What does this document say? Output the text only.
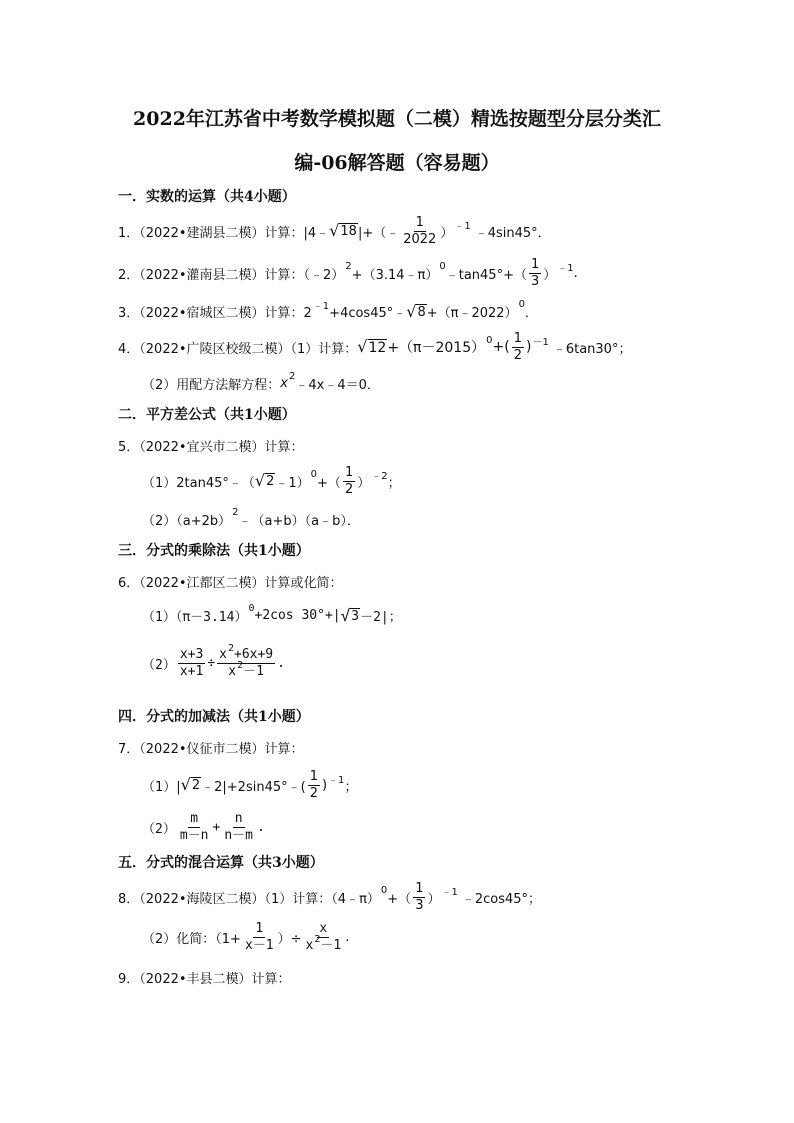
2022年江苏省中考数学模拟题（二模）精选按题型分层分类汇
编-06解答题（容易题）
一．实数的运算（共4小题）
1．（2022•建湖县二模）计算：|4﹣ √ 18 |+（﹣ $\frac{1}{2022}$ ） ﹣1 ﹣4sin45°．
2．（2022•灌南县二模）计算：（﹣2）
2
+（3.14﹣π）
0
﹣tan45°+（ $\frac{1}{3}$ ） ﹣1 .
3．（2022•宿城区二模）计算：2 ﹣1 +4cos45°﹣ √ 8 +（π﹣2022）
0
．
4．（2022•广陵区校级二模）（1）计算： √ 12 +（π－2015） 0 +( $\frac{1}{2}$ ) －1 ﹣6tan30°；
（2）用配方法解方程： x 2
﹣4x﹣4＝0．
二．平方差公式（共1小题）
5．（2022•宜兴市二模）计算：
（1）2tan45°﹣（ √ 2 ﹣1）
0
+（ $\frac{1}{2}$ ） ﹣2 ；
（2）（a+2b）
2
﹣（a+b）（a﹣b）．
三．分式的乘除法（共1小题）
6．（2022•江都区二模）计算或化简：
（1）（π－3.14）
0 +2cos 30°+| √ 3 －2|；
$(2) \frac{x+3}{x+1} \div \frac{x^2+6x+9}{x^2-1}$ .
四．分式的加减法（共1小题）
7．（2022•仪征市二模）计算：
（1）| √ 2 ﹣2|+2sin45°﹣( $\frac{1}{2}$ ) ﹣1 ；
$(2) \frac{m}{m-n} + \frac{n}{n-m}$ .
五．分式的混合运算（共3小题）
8．（2022•海陵区二模）（1）计算：（4﹣π）
0
+（ $\frac{1}{3}$ ） ﹣1 ﹣2cos45°；
（2）化简：（$1+ \frac{1}{x-1}$ ）÷ $\frac{x}{x^2-1}$ .
9．（2022•丰县二模）计算：
